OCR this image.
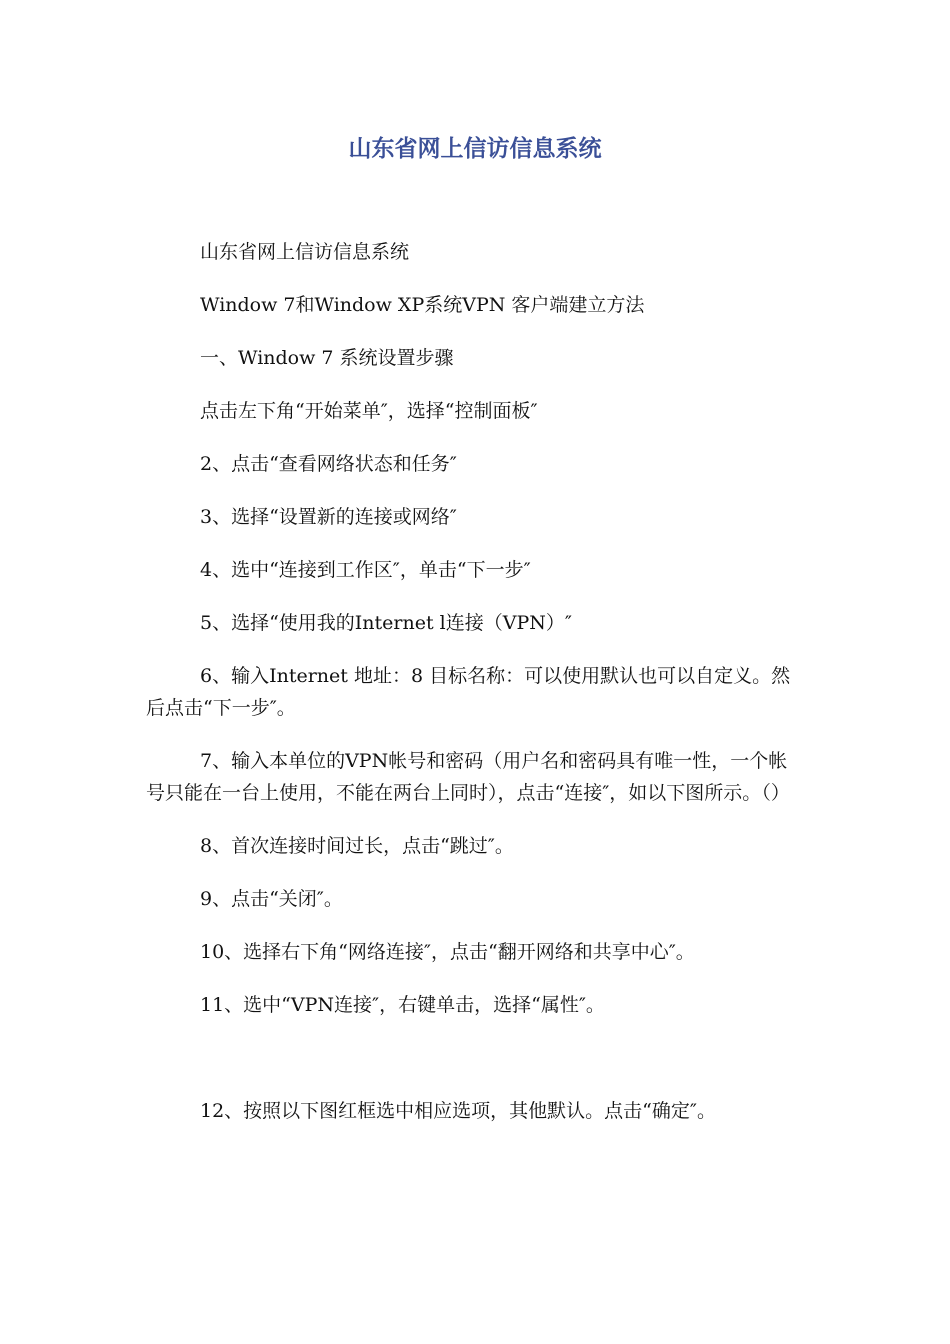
山东省网上信访信息系统

山东省网上信访信息系统

Window 7和Window XP系统VPN 客户端建立方法

一、Window 7 系统设置步骤

点击左下角“开始菜单″，选择“控制面板″

2、点击“查看网络状态和任务″

3、选择“设置新的连接或网络″

4、选中“连接到工作区″，单击“下一步″

5、选择“使用我的Internet l连接（VPN）″

6、输入Internet 地址：8 目标名称：可以使用默认也可以自定义。然后点击“下一步″。

7、输入本单位的VPN帐号和密码（用户名和密码具有唯一性，一个帐号只能在一台上使用，不能在两台上同时），点击“连接″，如以下图所示。（）

8、首次连接时间过长，点击“跳过″。

9、点击“关闭″。

10、选择右下角“网络连接″，点击“翻开网络和共享中心″。

11、选中“VPN连接″，右键单击，选择“属性″。

12、按照以下图红框选中相应选项，其他默认。点击“确定″。
